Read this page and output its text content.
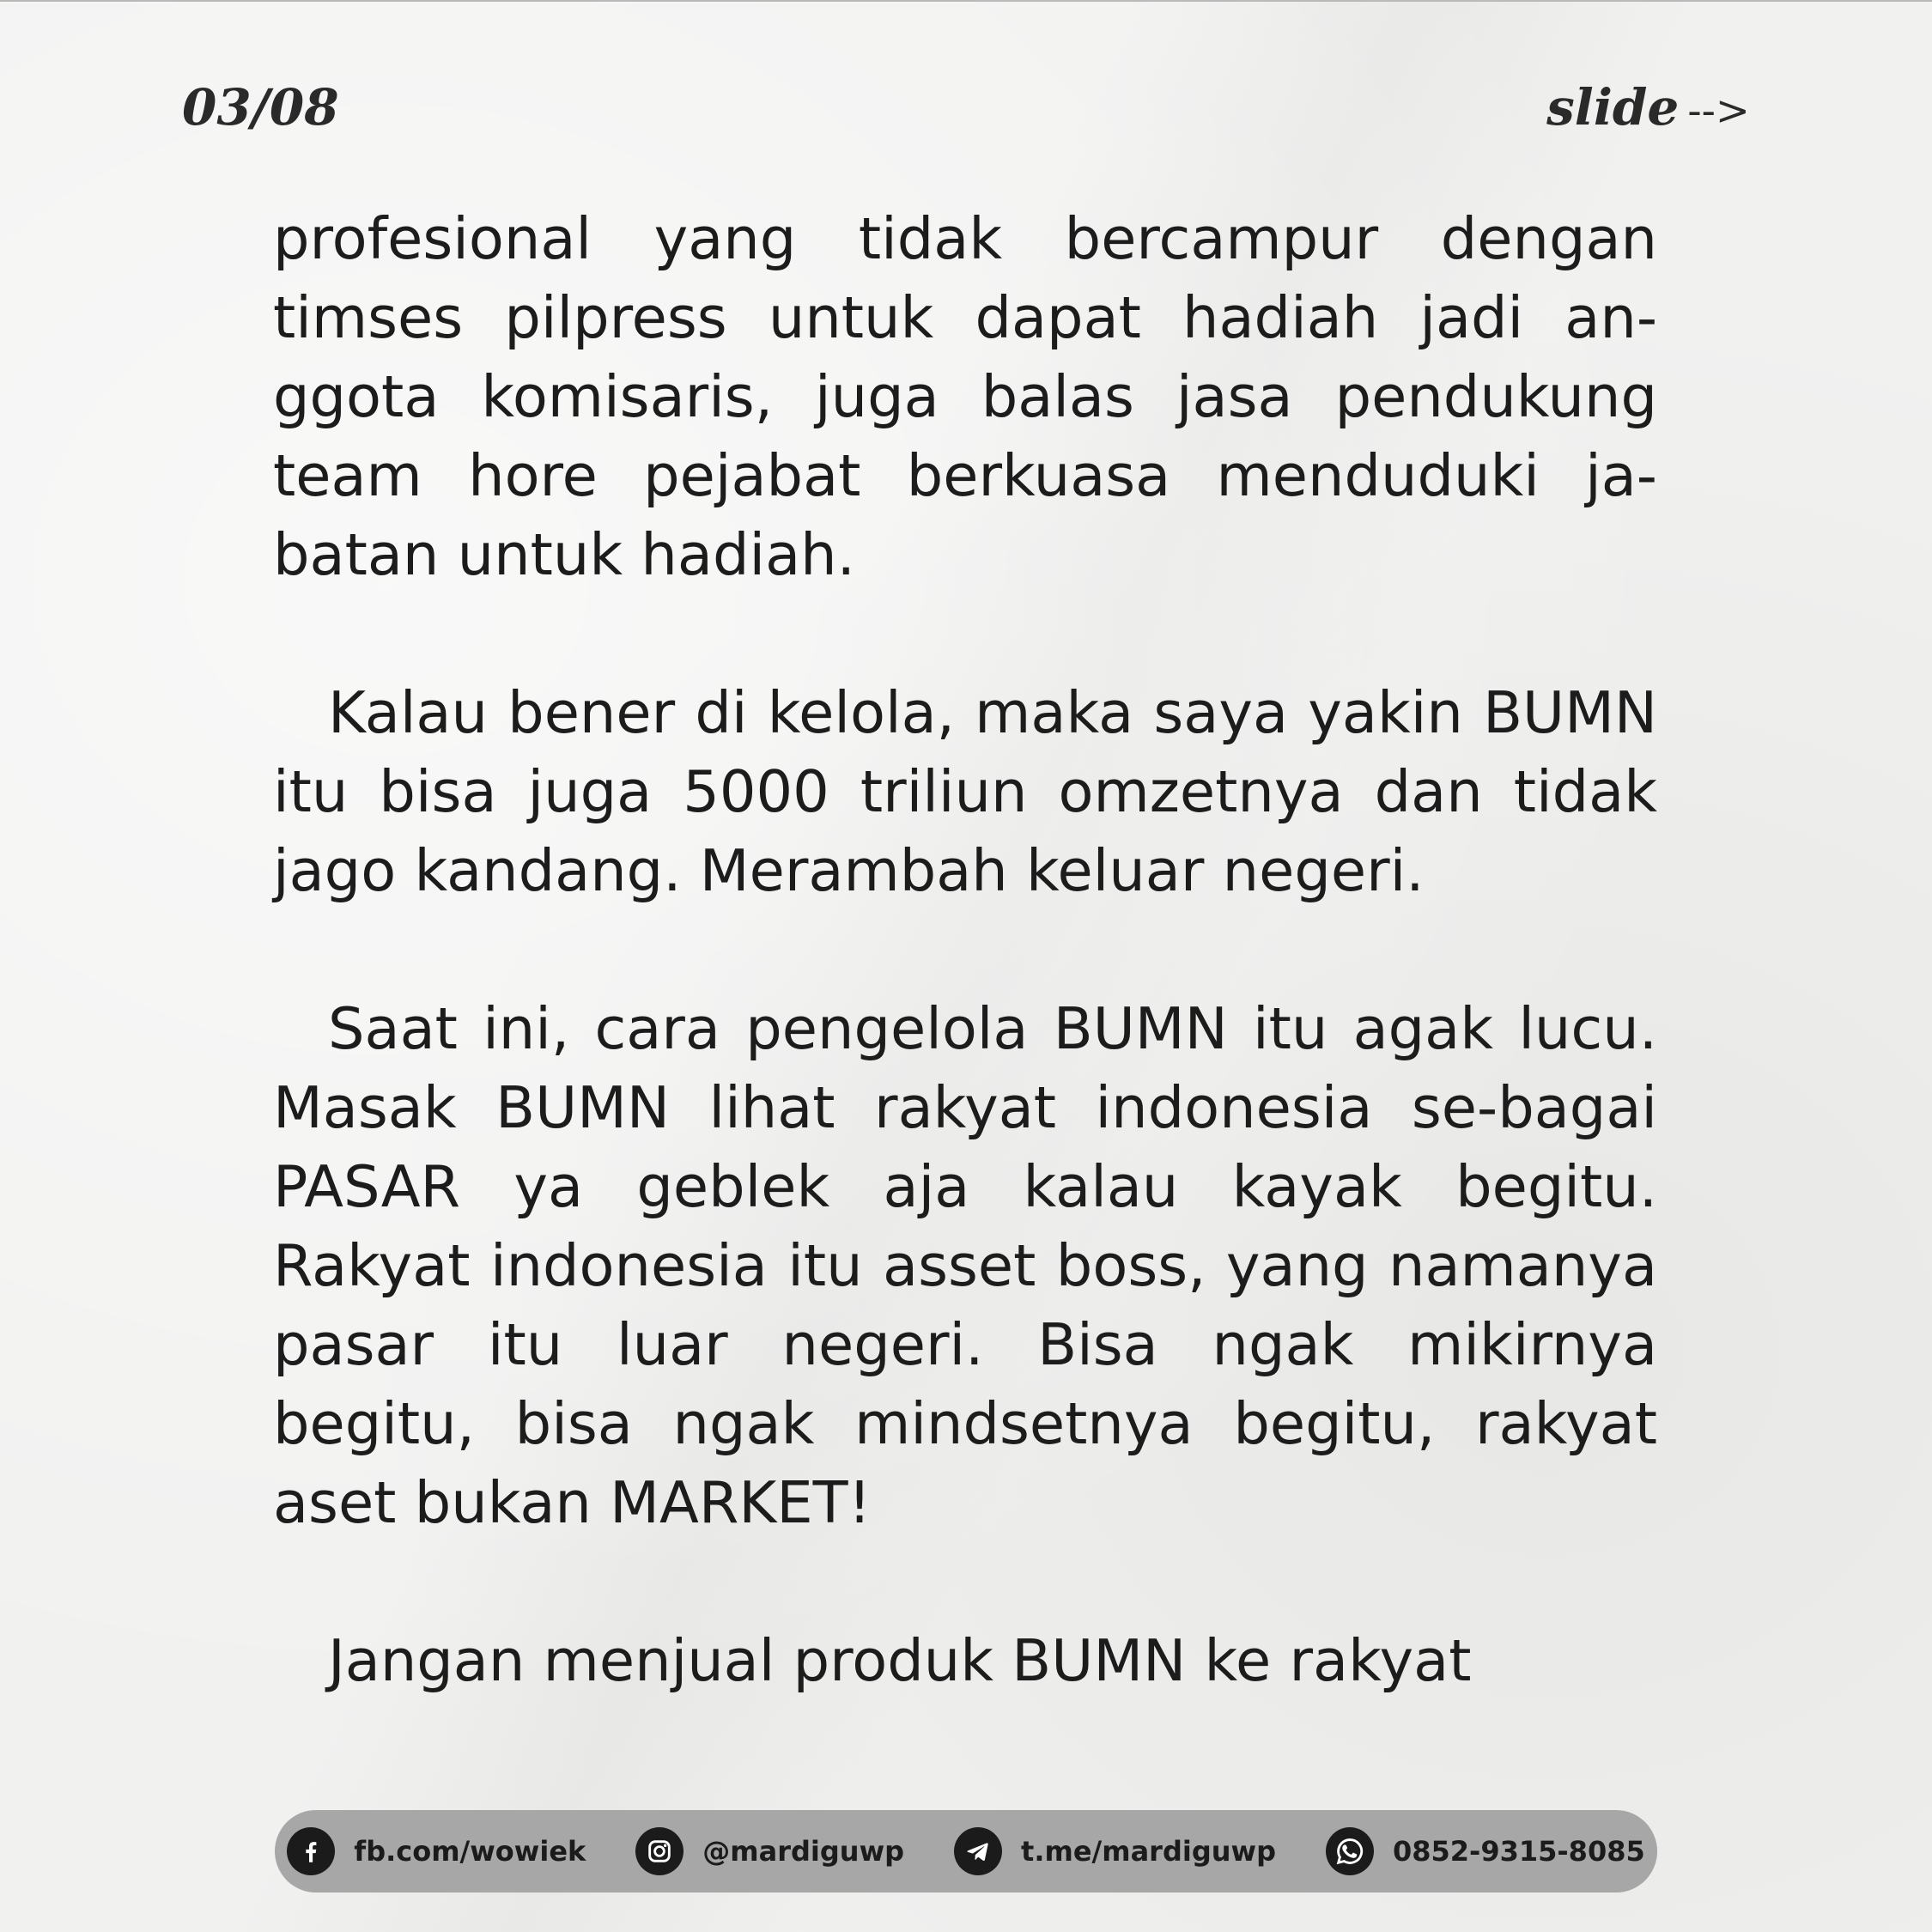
03/08	slide -->

profesional yang tidak bercampur dengan timses pilpress untuk dapat hadiah jadi an-ggota komisaris, juga balas jasa pendukung team hore pejabat berkuasa menduduki ja-batan untuk hadiah.

Kalau bener di kelola, maka saya yakin BUMN itu bisa juga 5000 triliun omzetnya dan tidak jago kandang. Merambah keluar negeri.

Saat ini, cara pengelola BUMN itu agak lucu. Masak BUMN lihat rakyat indonesia se-bagai PASAR ya geblek aja kalau kayak begitu. Rakyat indonesia itu asset boss, yang namanya pasar itu luar negeri. Bisa ngak mikirnya begitu, bisa ngak mindsetnya begitu, rakyat aset bukan MARKET!

Jangan menjual produk BUMN ke rakyat

fb.com/wowiek	@mardiguwp	t.me/mardiguwp	0852-9315-8085
